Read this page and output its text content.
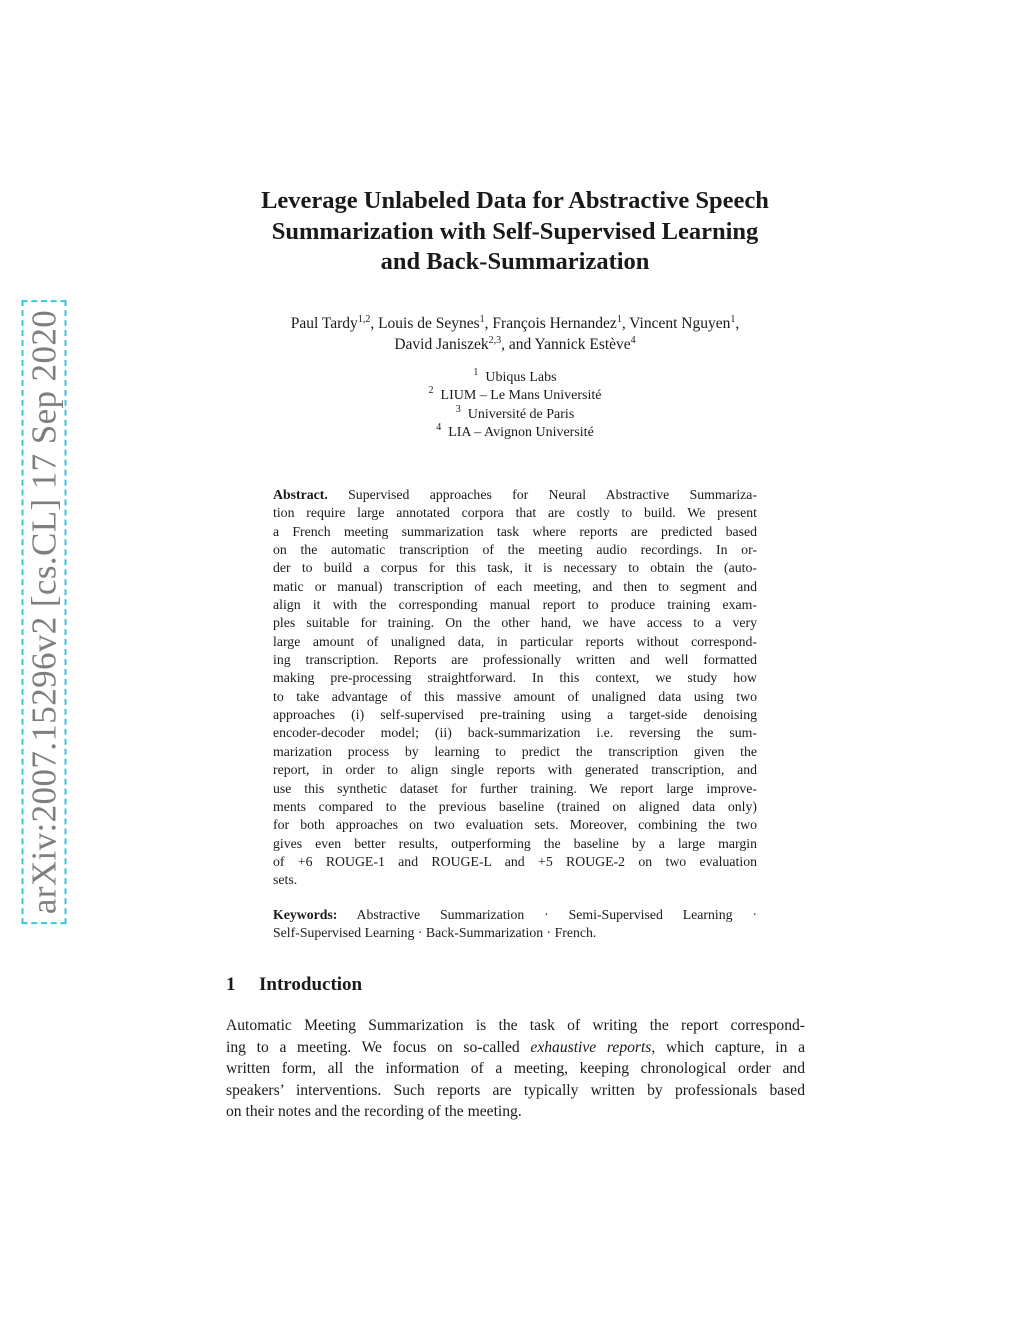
arXiv:2007.15296v2 [cs.CL] 17 Sep 2020
Leverage Unlabeled Data for Abstractive Speech
Summarization with Self-Supervised Learning
and Back-Summarization
Paul Tardy$^{1,2}$, Louis de Seynes$^1$, François Hernandez$^1$, Vincent Nguyen$^1$,
David Janiszek$^{2,3}$, and Yannick Estève$^4$
$^1$ Ubiqus Labs
$^2$ LIUM – Le Mans Université
$^3$ Université de Paris
$^4$ LIA – Avignon Université
Abstract. Supervised approaches for Neural Abstractive Summariza-
tion require large annotated corpora that are costly to build. We present
a French meeting summarization task where reports are predicted based
on the automatic transcription of the meeting audio recordings. In or-
der to build a corpus for this task, it is necessary to obtain the (auto-
matic or manual) transcription of each meeting, and then to segment and
align it with the corresponding manual report to produce training exam-
ples suitable for training. On the other hand, we have access to a very
large amount of unaligned data, in particular reports without correspond-
ing transcription. Reports are professionally written and well formatted
making pre-processing straightforward. In this context, we study how
to take advantage of this massive amount of unaligned data using two
approaches (i) self-supervised pre-training using a target-side denoising
encoder-decoder model; (ii) back-summarization i.e. reversing the sum-
marization process by learning to predict the transcription given the
report, in order to align single reports with generated transcription, and
use this synthetic dataset for further training. We report large improve-
ments compared to the previous baseline (trained on aligned data only)
for both approaches on two evaluation sets. Moreover, combining the two
gives even better results, outperforming the baseline by a large margin
of +6 ROUGE-1 and ROUGE-L and +5 ROUGE-2 on two evaluation
sets.
Keywords: Abstractive Summarization · Semi-Supervised Learning ·
Self-Supervised Learning · Back-Summarization · French.
1 Introduction
Automatic Meeting Summarization is the task of writing the report correspond-
ing to a meeting. We focus on so-called exhaustive reports, which capture, in a
written form, all the information of a meeting, keeping chronological order and
speakers’ interventions. Such reports are typically written by professionals based
on their notes and the recording of the meeting.
